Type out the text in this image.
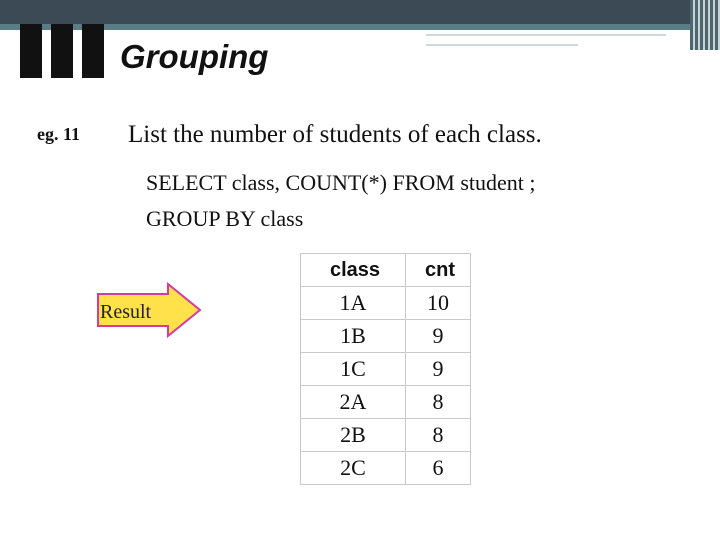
Grouping
eg. 11 List the number of students of each class.
SELECT class, COUNT(*) FROM student ;
GROUP BY class
Result
class	cnt
1A	10
1B	9
1C	9
2A	8
2B	8
2C	6
